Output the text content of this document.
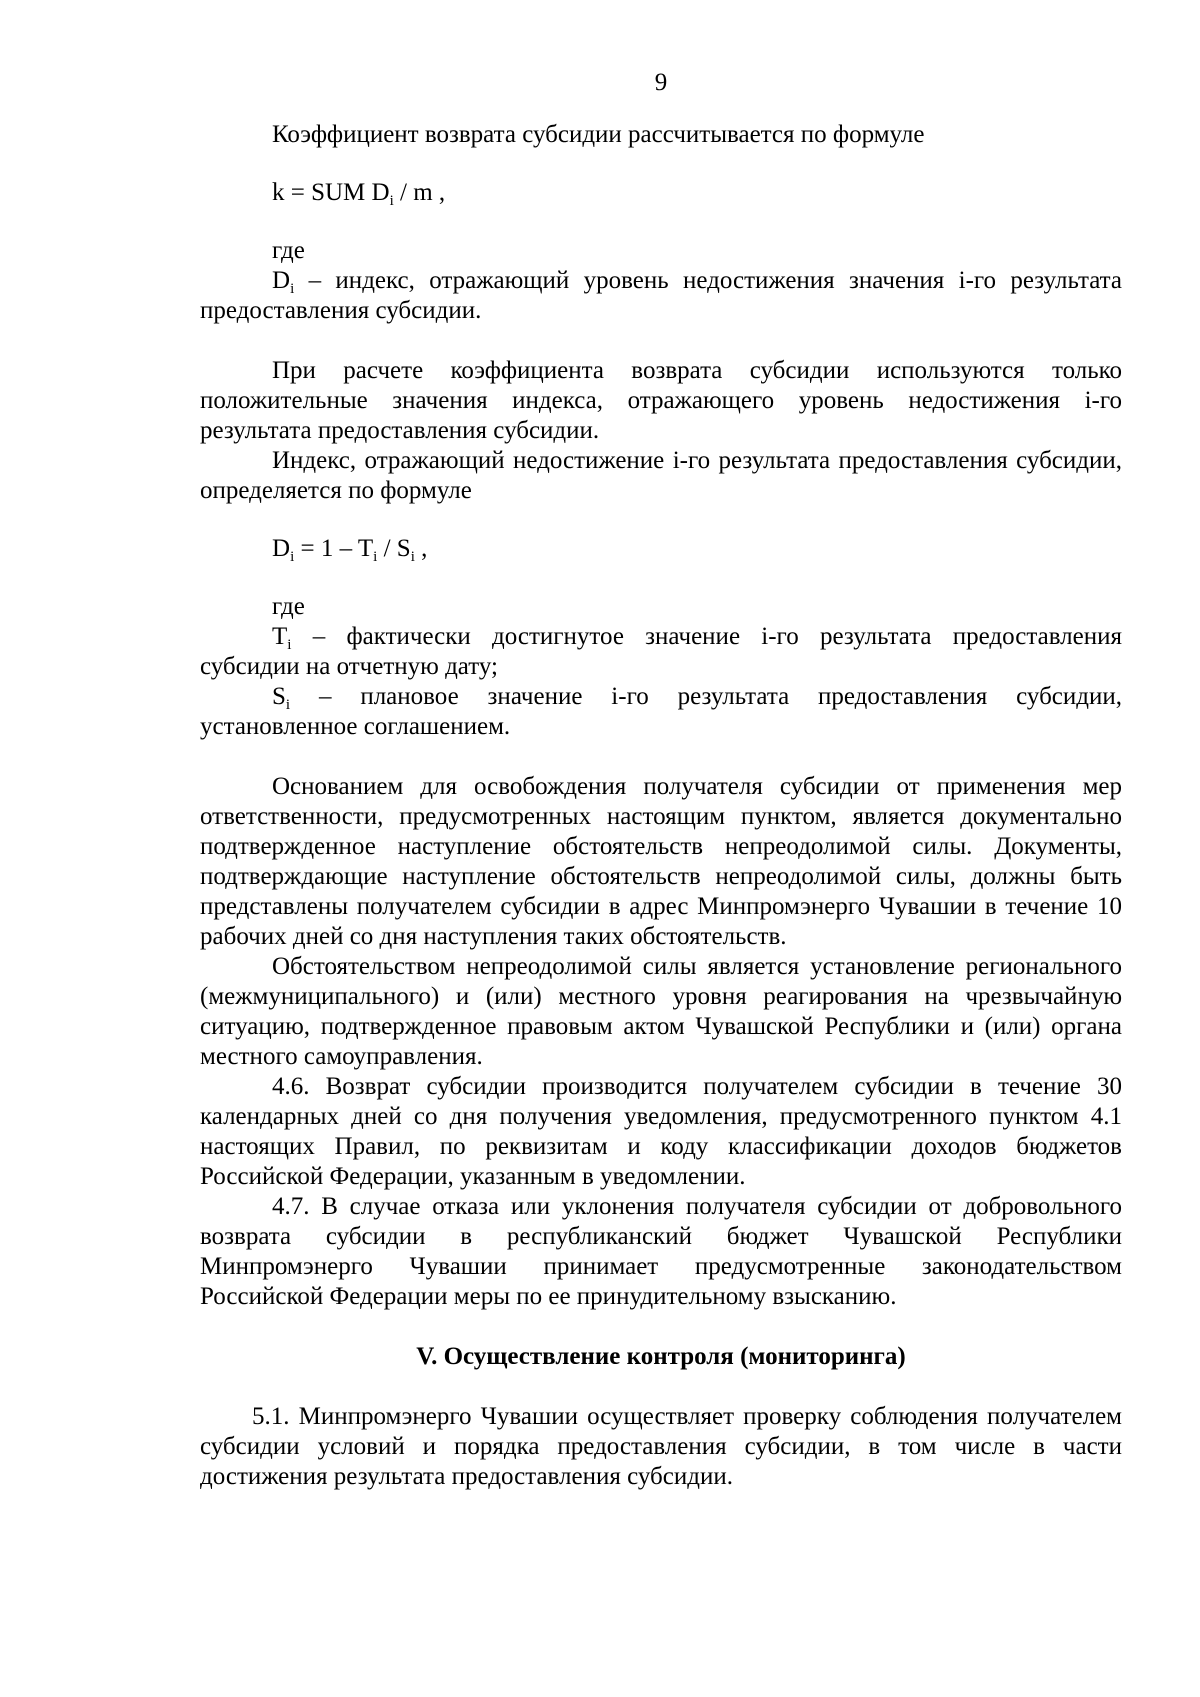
9

Коэффициент возврата субсидии рассчитывается по формуле

k = SUM $D_i$ / m ,

где

$D_i$ – индекс, отражающий уровень недостижения значения i-го результата предоставления субсидии.

При расчете коэффициента возврата субсидии используются только положительные значения индекса, отражающего уровень недостижения i-го результата предоставления субсидии.

Индекс, отражающий недостижение i-го результата предоставления субсидии, определяется по формуле

$D_i = 1 - T_i / S_i$ ,

где

$T_i$ – фактически достигнутое значение i-го результата предоставления субсидии на отчетную дату;

$S_i$ – плановое значение i-го результата предоставления субсидии, установленное соглашением.

Основанием для освобождения получателя субсидии от применения мер ответственности, предусмотренных настоящим пунктом, является документально подтвержденное наступление обстоятельств непреодолимой силы. Документы, подтверждающие наступление обстоятельств непреодолимой силы, должны быть представлены получателем субсидии в адрес Минпромэнерго Чувашии в течение 10 рабочих дней со дня наступления таких обстоятельств.

Обстоятельством непреодолимой силы является установление регионального (межмуниципального) и (или) местного уровня реагирования на чрезвычайную ситуацию, подтвержденное правовым актом Чувашской Республики и (или) органа местного самоуправления.

4.6. Возврат субсидии производится получателем субсидии в течение 30 календарных дней со дня получения уведомления, предусмотренного пунктом 4.1 настоящих Правил, по реквизитам и коду классификации доходов бюджетов Российской Федерации, указанным в уведомлении.

4.7. В случае отказа или уклонения получателя субсидии от добровольного возврата субсидии в республиканский бюджет Чувашской Республики Минпромэнерго Чувашии принимает предусмотренные законодательством Российской Федерации меры по ее принудительному взысканию.

V. Осуществление контроля (мониторинга)

5.1. Минпромэнерго Чувашии осуществляет проверку соблюдения получателем субсидии условий и порядка предоставления субсидии, в том числе в части достижения результата предоставления субсидии.
